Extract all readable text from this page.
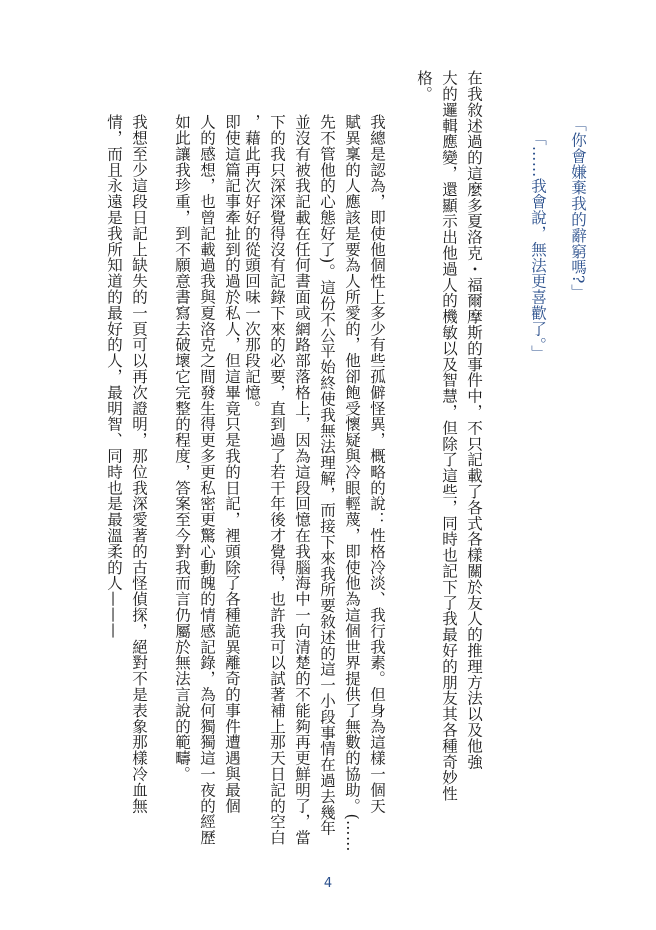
「你會嫌棄我的辭窮嗎?」
「……我會說，無法更喜歡了。」
在我敘述過的這麼多夏洛克・福爾摩斯的事件中，不只記載了各式各樣關於友人的推理方法以及他強
大的邏輯應變，還顯示出他過人的機敏以及智慧，但除了這些，同時也記下了我最好的朋友其各種奇妙性
格。
我總是認為，即使他個性上多少有些孤僻怪異，概略的說：性格冷淡、我行我素。但身為這樣一個天
賦異稟的人應該是要為人所愛的，他卻飽受懷疑與冷眼輕蔑，即使他為這個世界提供了無數的協助。(……
先不管他的心態好了)。這份不公平始終使我無法理解，而接下來我所要敘述的這一小段事情在過去幾年
並沒有被我記載在任何書面或網路部落格上，因為這段回憶在我腦海中一向清楚的不能夠再更鮮明了，當
下的我只深深覺得沒有記錄下來的必要，直到過了若干年後才覺得，也許我可以試著補上那天日記的空白
，藉此再次好好的從頭回味一次那段記憶。
即使這篇記事牽扯到的過於私人，但這畢竟只是我的日記，裡頭除了各種詭異離奇的事件遭遇與最個
人的感想，也曾記載過我與夏洛克之間發生得更多更私密更驚心動魄的情感記錄，為何獨獨這一夜的經歷
如此讓我珍重，到不願意書寫去破壞它完整的程度，答案至今對我而言仍屬於無法言說的範疇。
我想至少這段日記上缺失的一頁可以再次證明，那位我深愛著的古怪偵探，絕對不是表象那樣冷血無
情，而且永遠是我所知道的最好的人，最明智、同時也是最溫柔的人———
4
